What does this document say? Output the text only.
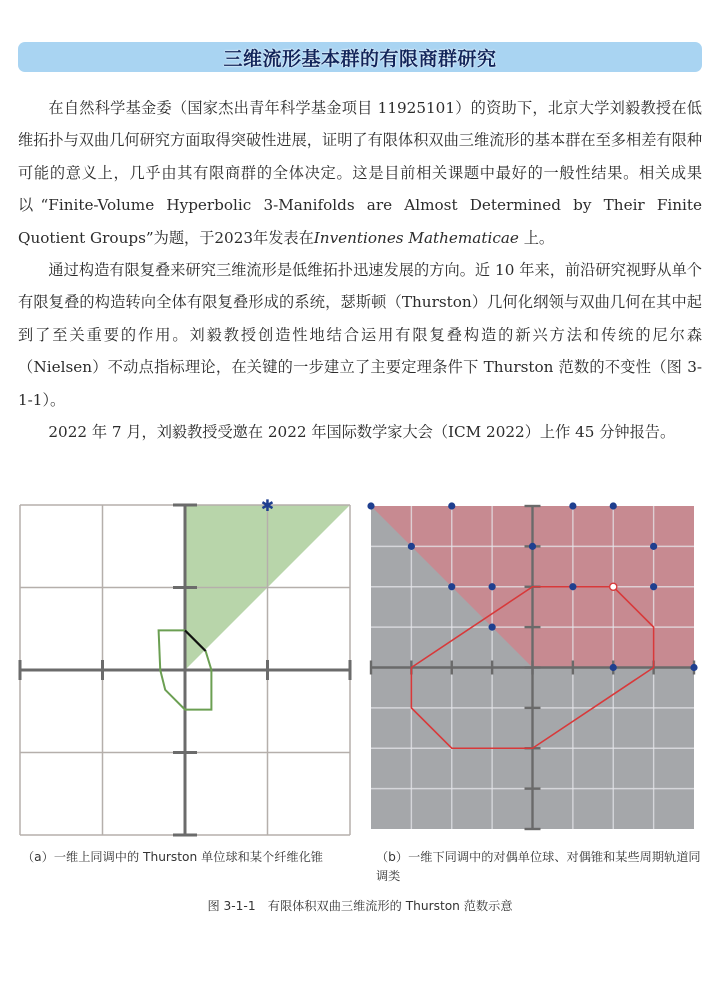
三维流形基本群的有限商群研究

在自然科学基金委（国家杰出青年科学基金项目 11925101）的资助下，北京大学刘毅教授在低维拓扑与双曲几何研究方面取得突破性进展，证明了有限体积双曲三维流形的基本群在至多相差有限种可能的意义上，几乎由其有限商群的全体决定。这是目前相关课题中最好的一般性结果。相关成果以“Finite-Volume Hyperbolic 3-Manifolds are Almost Determined by Their Finite Quotient Groups”为题，于2023年发表在Inventiones Mathematicae 上。

通过构造有限复叠来研究三维流形是低维拓扑迅速发展的方向。近 10 年来，前沿研究视野从单个有限复叠的构造转向全体有限复叠形成的系统，瑟斯顿（Thurston）几何化纲领与双曲几何在其中起到了至关重要的作用。刘毅教授创造性地结合运用有限复叠构造的新兴方法和传统的尼尔森（Nielsen）不动点指标理论，在关键的一步建立了主要定理条件下 Thurston 范数的不变性（图 3-1-1）。

2022 年 7 月，刘毅教授受邀在 2022 年国际数学家大会（ICM 2022）上作 45 分钟报告。

✱
（a）一维上同调中的 Thurston 单位球和某个纤维化锥	（b）一维下同调中的对偶单位球、对偶锥和某些周期轨道同调类
图 3-1-1　有限体积双曲三维流形的 Thurston 范数示意
